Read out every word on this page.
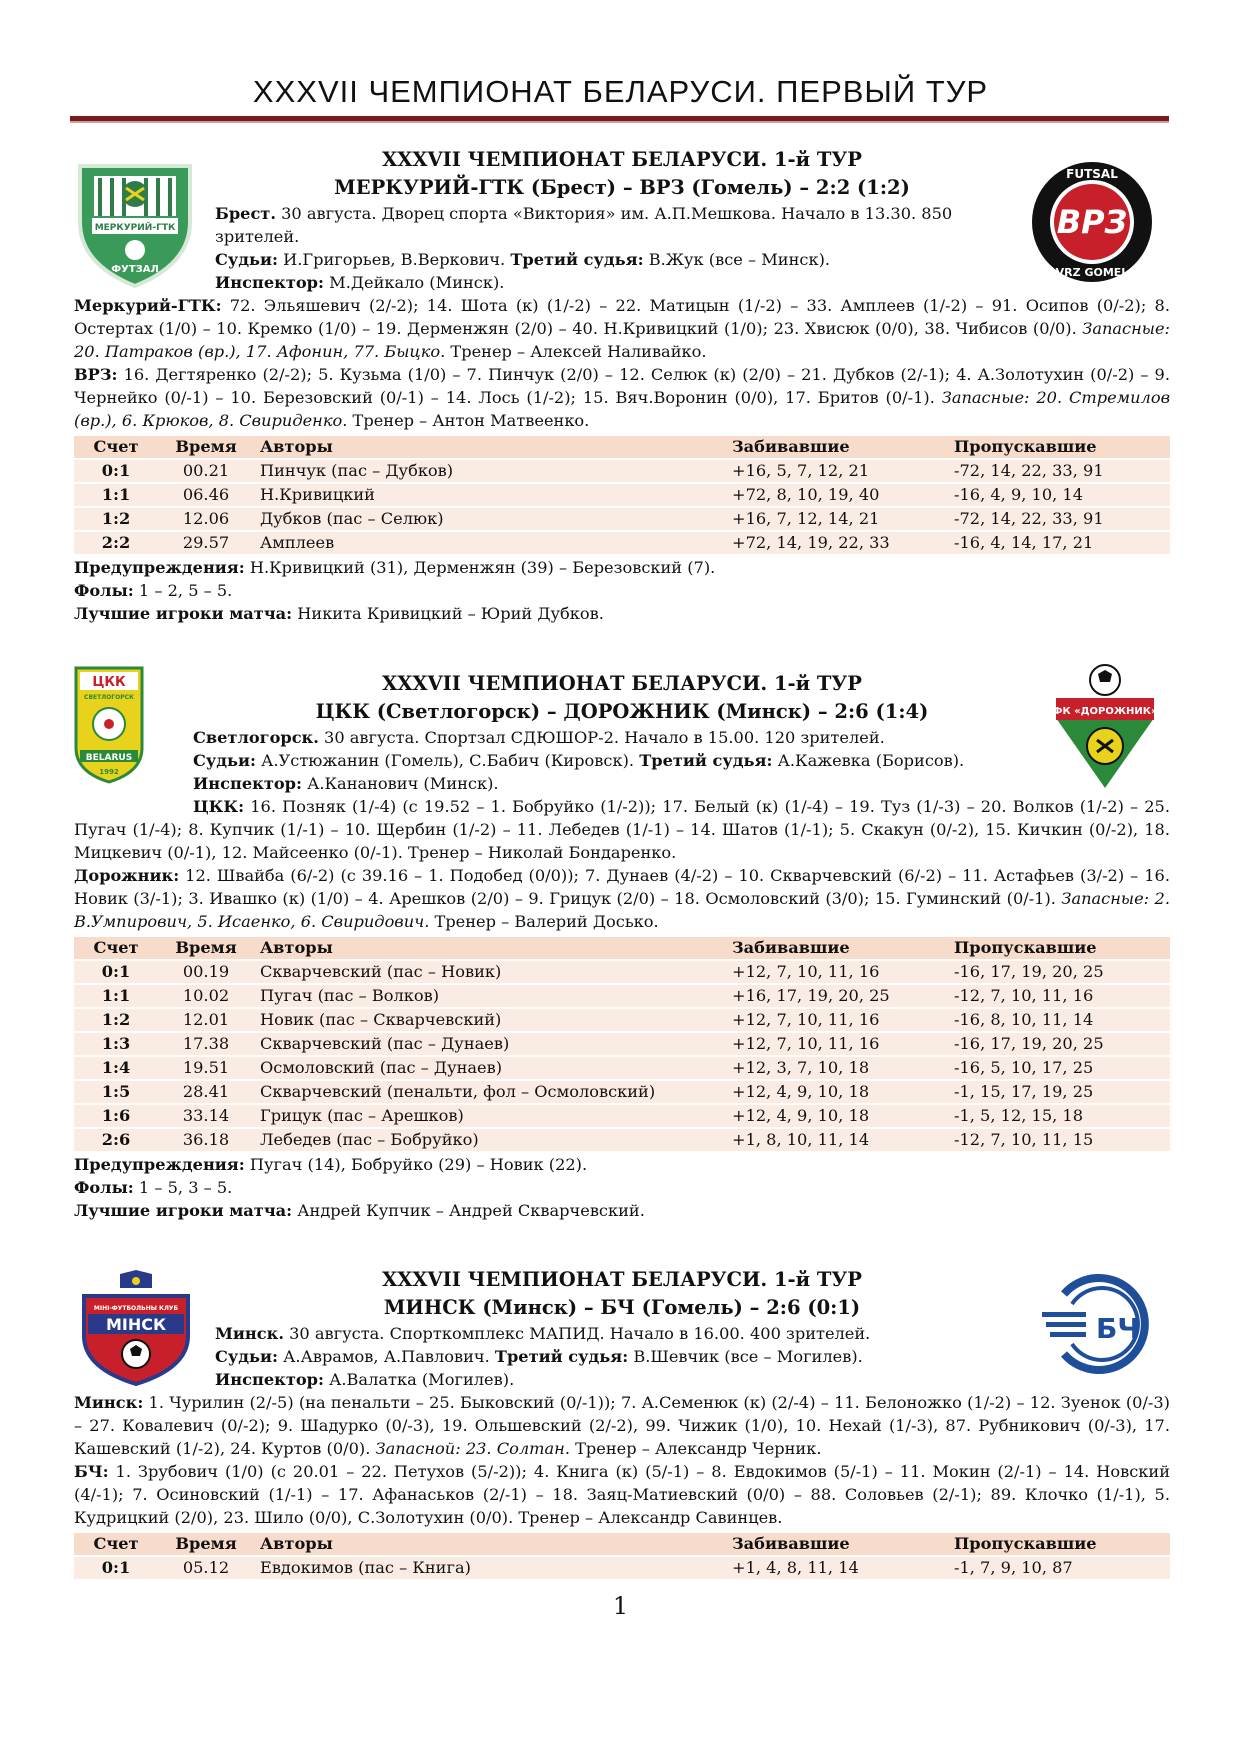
XXXVII ЧЕМПИОНАТ БЕЛАРУСИ. ПЕРВЫЙ ТУР
XXXVII ЧЕМПИОНАТ БЕЛАРУСИ. 1-й ТУР
МЕРКУРИЙ-ГТК (Брест) – ВРЗ (Гомель) – 2:2 (1:2)
Брест. 30 августа. Дворец спорта «Виктория» им. А.П.Мешкова. Начало в 13.30. 850 зрителей.
Судьи: И.Григорьев, В.Веркович. Третий судья: В.Жук (все – Минск).
Инспектор: М.Дейкало (Минск).
Меркурий-ГТК: 72. Эльяшевич (2/-2); 14. Шота (к) (1/-2) – 22. Матицын (1/-2) – 33. Амплеев (1/-2) – 91. Осипов (0/-2); 8. Остертах (1/0) – 10. Кремко (1/0) – 19. Дерменжян (2/0) – 40. Н.Кривицкий (1/0); 23. Хвисюк (0/0), 38. Чибисов (0/0). Запасные: 20. Патраков (вр.), 17. Афонин, 77. Быцко. Тренер – Алексей Наливайко.
ВРЗ: 16. Дегтяренко (2/-2); 5. Кузьма (1/0) – 7. Пинчук (2/0) – 12. Селюк (к) (2/0) – 21. Дубков (2/-1); 4. А.Золотухин (0/-2) – 9. Чернейко (0/-1) – 10. Березовский (0/-1) – 14. Лось (1/-2); 15. Вяч.Воронин (0/0), 17. Бритов (0/-1). Запасные: 20. Стремилов (вр.), 6. Крюков, 8. Свириденко. Тренер – Антон Матвеенко.
Счет	Время	Авторы	Забивавшие	Пропускавшие
0:1	00.21	Пинчук (пас – Дубков)	+16, 5, 7, 12, 21	-72, 14, 22, 33, 91
1:1	06.46	Н.Кривицкий	+72, 8, 10, 19, 40	-16, 4, 9, 10, 14
1:2	12.06	Дубков (пас – Селюк)	+16, 7, 12, 14, 21	-72, 14, 22, 33, 91
2:2	29.57	Амплеев	+72, 14, 19, 22, 33	-16, 4, 14, 17, 21
Предупреждения: Н.Кривицкий (31), Дерменжян (39) – Березовский (7).
Фолы: 1 – 2, 5 – 5.
Лучшие игроки матча: Никита Кривицкий – Юрий Дубков.
МЕРКУРИЙ-ГТК
ФУТЗАЛ
ВРЗ
FUTSAL
VRZ GOMEL
XXXVII ЧЕМПИОНАТ БЕЛАРУСИ. 1-й ТУР
ЦКК (Светлогорск) – ДОРОЖНИК (Минск) – 2:6 (1:4)
Светлогорск. 30 августа. Спортзал СДЮШОР-2. Начало в 15.00. 120 зрителей.
Судьи: А.Устюжанин (Гомель), С.Бабич (Кировск). Третий судья: А.Кажевка (Борисов).
Инспектор: А.Кананович (Минск).
ЦКК: 16. Позняк (1/-4) (с 19.52 – 1. Бобруйко (1/-2)); 17. Белый (к) (1/-4) – 19. Туз (1/-3) – 20. Волков (1/-2) – 25. Пугач (1/-4); 8. Купчик (1/-1) – 10. Щербин (1/-2) – 11. Лебедев (1/-1) – 14. Шатов (1/-1); 5. Скакун (0/-2), 15. Кичкин (0/-2), 18. Мицкевич (0/-1), 12. Майсеенко (0/-1). Тренер – Николай Бондаренко.
Дорожник: 12. Швайба (6/-2) (с 39.16 – 1. Подобед (0/0)); 7. Дунаев (4/-2) – 10. Скварчевский (6/-2) – 11. Астафьев (3/-2) – 16. Новик (3/-1); 3. Ивашко (к) (1/0) – 4. Арешков (2/0) – 9. Грицук (2/0) – 18. Осмоловский (3/0); 15. Гуминский (0/-1). Запасные: 2. В.Умпирович, 5. Исаенко, 6. Свиридович. Тренер – Валерий Досько.
Счет	Время	Авторы	Забивавшие	Пропускавшие
0:1	00.19	Скварчевский (пас – Новик)	+12, 7, 10, 11, 16	-16, 17, 19, 20, 25
1:1	10.02	Пугач (пас – Волков)	+16, 17, 19, 20, 25	-12, 7, 10, 11, 16
1:2	12.01	Новик (пас – Скварчевский)	+12, 7, 10, 11, 16	-16, 8, 10, 11, 14
1:3	17.38	Скварчевский (пас – Дунаев)	+12, 7, 10, 11, 16	-16, 17, 19, 20, 25
1:4	19.51	Осмоловский (пас – Дунаев)	+12, 3, 7, 10, 18	-16, 5, 10, 17, 25
1:5	28.41	Скварчевский (пенальти, фол – Осмоловский)	+12, 4, 9, 10, 18	-1, 15, 17, 19, 25
1:6	33.14	Грицук (пас – Арешков)	+12, 4, 9, 10, 18	-1, 5, 12, 15, 18
2:6	36.18	Лебедев (пас – Бобруйко)	+1, 8, 10, 11, 14	-12, 7, 10, 11, 15
Предупреждения: Пугач (14), Бобруйко (29) – Новик (22).
Фолы: 1 – 5, 3 – 5.
Лучшие игроки матча: Андрей Купчик – Андрей Скварчевский.
ЦКК
СВЕТЛОГОРСК
BELARUS
1992
ФК «ДОРОЖНИК»
XXXVII ЧЕМПИОНАТ БЕЛАРУСИ. 1-й ТУР
МИНСК (Минск) – БЧ (Гомель) – 2:6 (0:1)
Минск. 30 августа. Спорткомплекс МАПИД. Начало в 16.00. 400 зрителей.
Судьи: А.Аврамов, А.Павлович. Третий судья: В.Шевчик (все – Могилев).
Инспектор: А.Валатка (Могилев).
Минск: 1. Чурилин (2/-5) (на пенальти – 25. Быковский (0/-1)); 7. А.Семенюк (к) (2/-4) – 11. Белоножко (1/-2) – 12. Зуенок (0/-3) – 27. Ковалевич (0/-2); 9. Шадурко (0/-3), 19. Ольшевский (2/-2), 99. Чижик (1/0), 10. Нехай (1/-3), 87. Рубникович (0/-3), 17. Кашевский (1/-2), 24. Куртов (0/0). Запасной: 23. Солтан. Тренер – Александр Черник.
БЧ: 1. Зрубович (1/0) (с 20.01 – 22. Петухов (5/-2)); 4. Книга (к) (5/-1) – 8. Евдокимов (5/-1) – 11. Мокин (2/-1) – 14. Новский (4/-1); 7. Осиновский (1/-1) – 17. Афанаськов (2/-1) – 18. Заяц-Матиевский (0/0) – 88. Соловьев (2/-1); 89. Клочко (1/-1), 5. Кудрицкий (2/0), 23. Шило (0/0), С.Золотухин (0/0). Тренер – Александр Савинцев.
Счет	Время	Авторы	Забивавшие	Пропускавшие
0:1	05.12	Евдокимов (пас – Книга)	+1, 4, 8, 11, 14	-1, 7, 9, 10, 87
МІНІ-ФУТБОЛЬНЫ КЛУБ
МІНСК	БЧ
1
